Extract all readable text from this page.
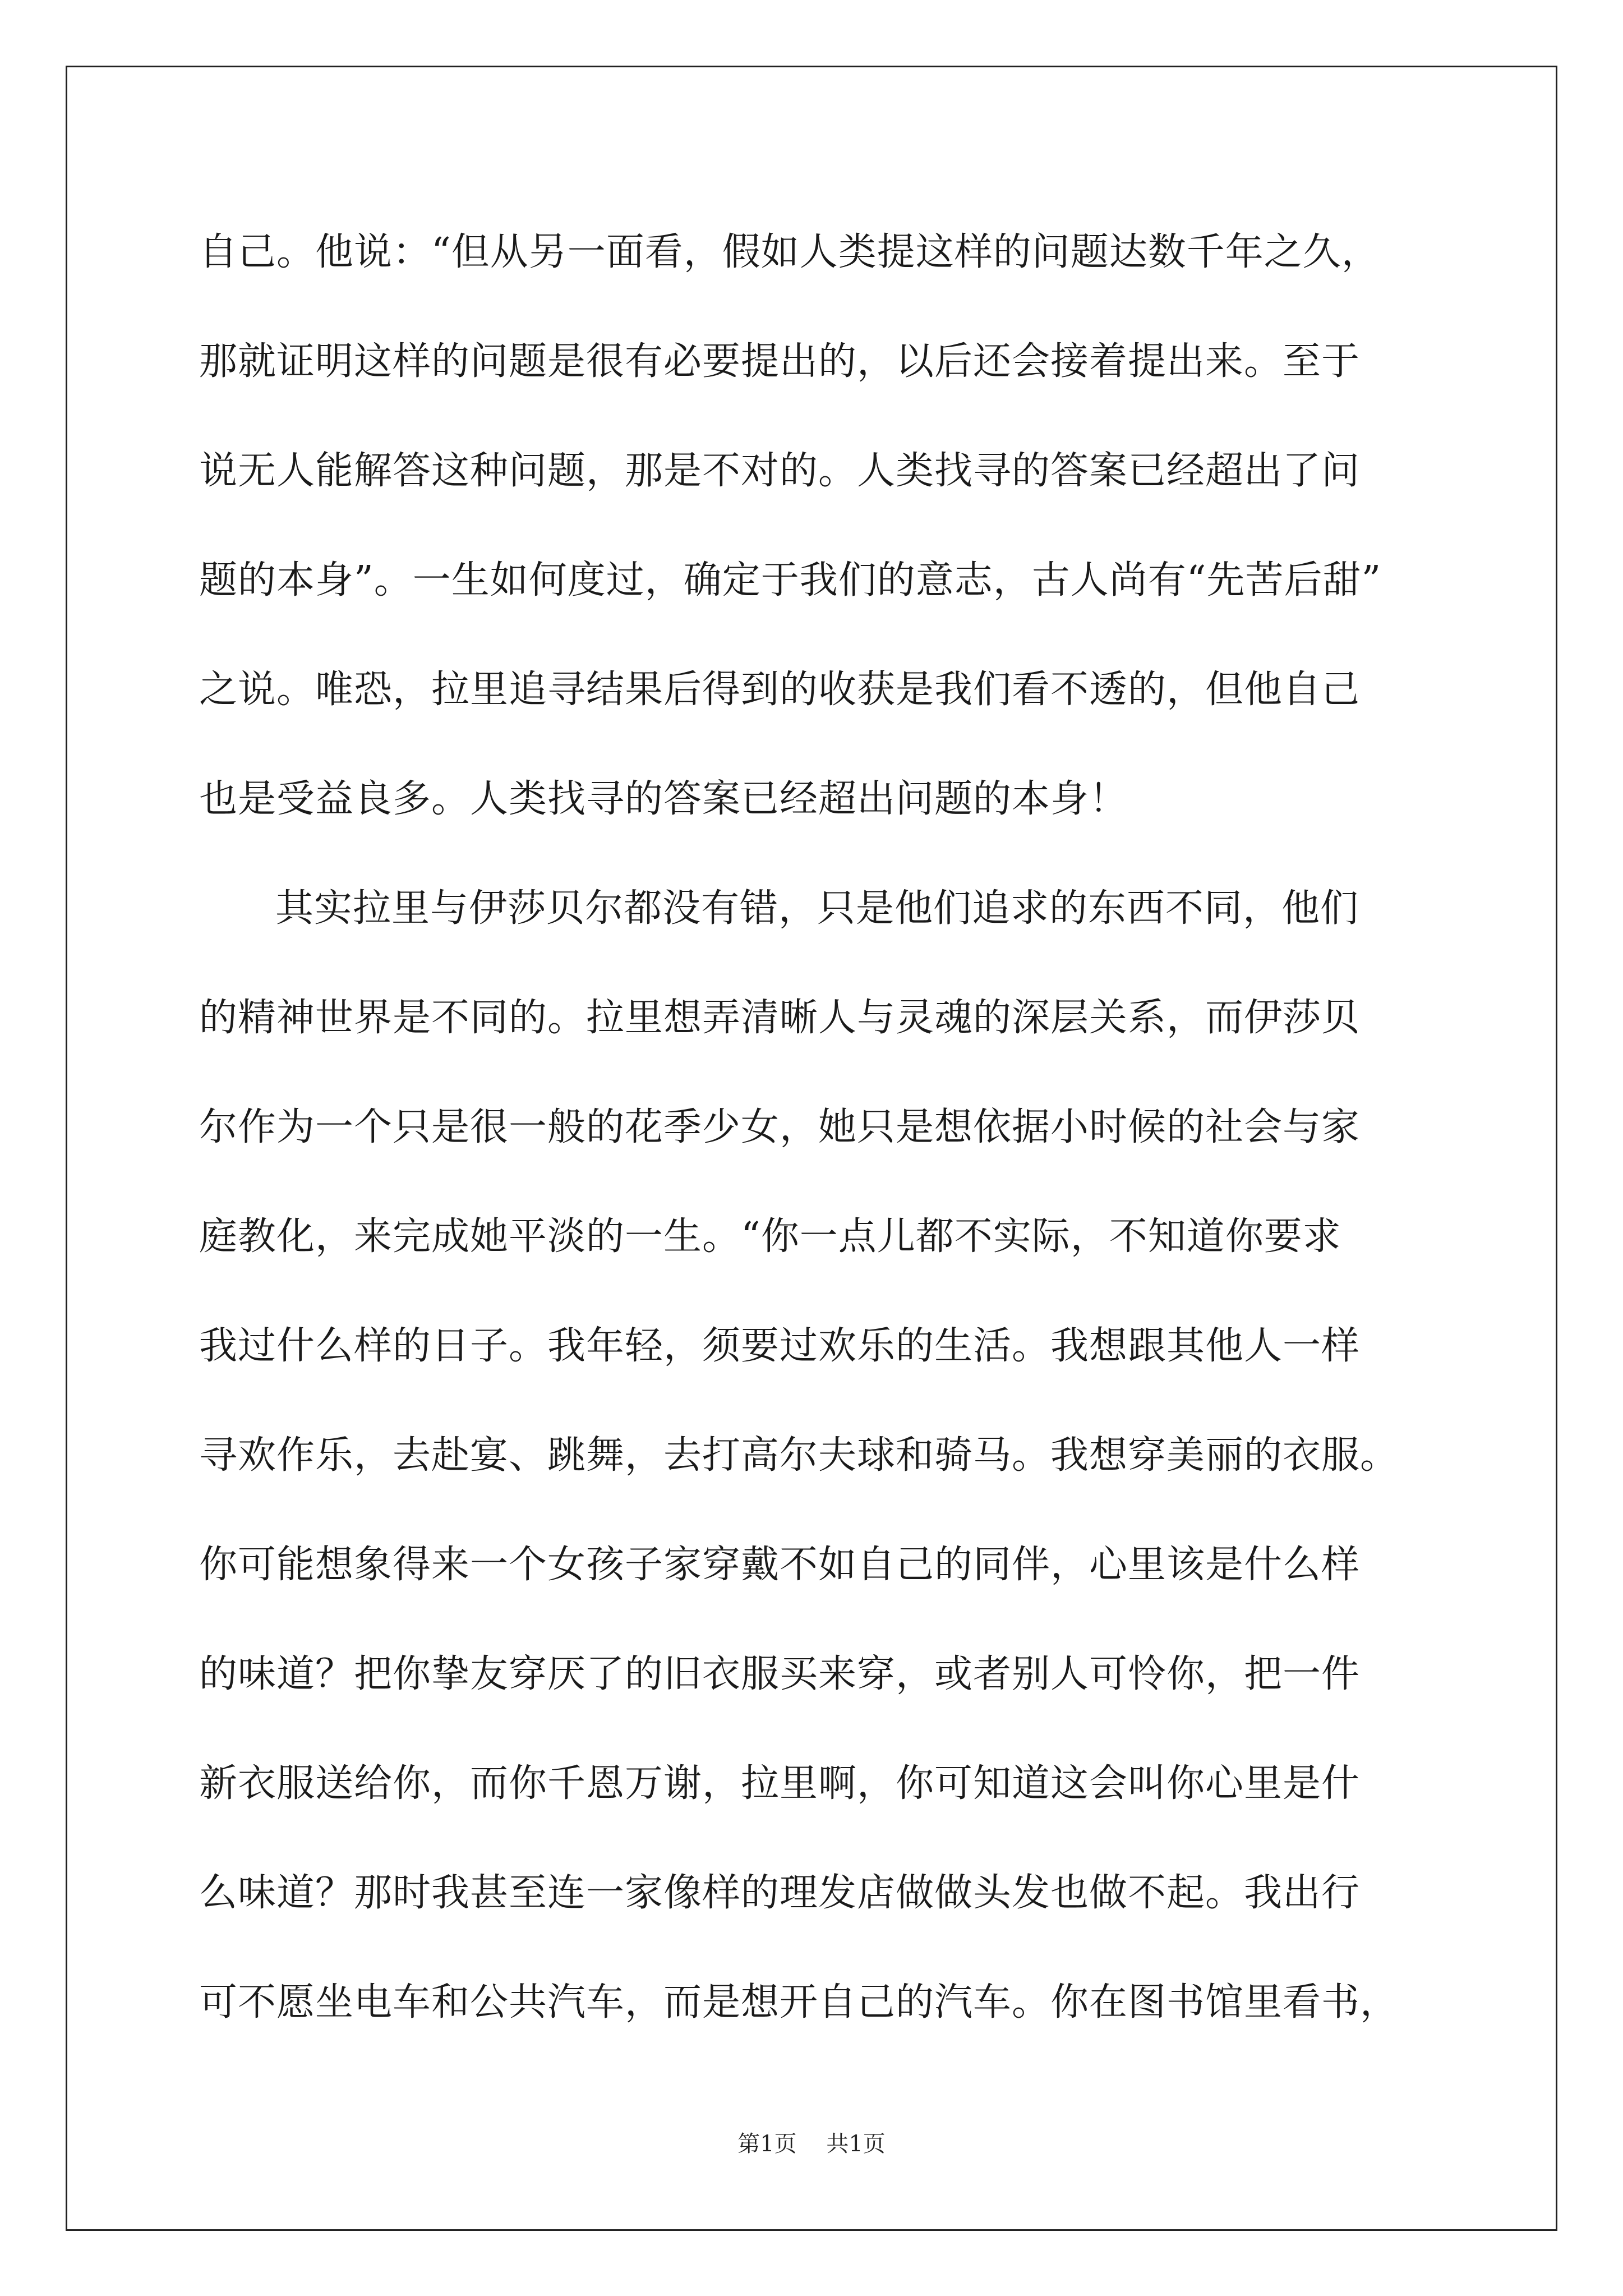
自己。他说：“但从另一面看，假如人类提这样的问题达数千年之久，
那就证明这样的问题是很有必要提出的，以后还会接着提出来。至于
说无人能解答这种问题，那是不对的。人类找寻的答案已经超出了问
题的本身”。一生如何度过，确定于我们的意志，古人尚有“先苦后甜”
之说。唯恐，拉里追寻结果后得到的收获是我们看不透的，但他自己
也是受益良多。人类找寻的答案已经超出问题的本身！
其实拉里与伊莎贝尔都没有错，只是他们追求的东西不同，他们
的精神世界是不同的。拉里想弄清晰人与灵魂的深层关系，而伊莎贝
尔作为一个只是很一般的花季少女，她只是想依据小时候的社会与家
庭教化，来完成她平淡的一生。“你一点儿都不实际，不知道你要求
我过什么样的日子。我年轻，须要过欢乐的生活。我想跟其他人一样
寻欢作乐，去赴宴、跳舞，去打高尔夫球和骑马。我想穿美丽的衣服。
你可能想象得来一个女孩子家穿戴不如自己的同伴，心里该是什么样
的味道？把你挚友穿厌了的旧衣服买来穿，或者别人可怜你，把一件
新衣服送给你，而你千恩万谢，拉里啊，你可知道这会叫你心里是什
么味道？那时我甚至连一家像样的理发店做做头发也做不起。我出行
可不愿坐电车和公共汽车，而是想开自己的汽车。你在图书馆里看书，
第1页 共1页
